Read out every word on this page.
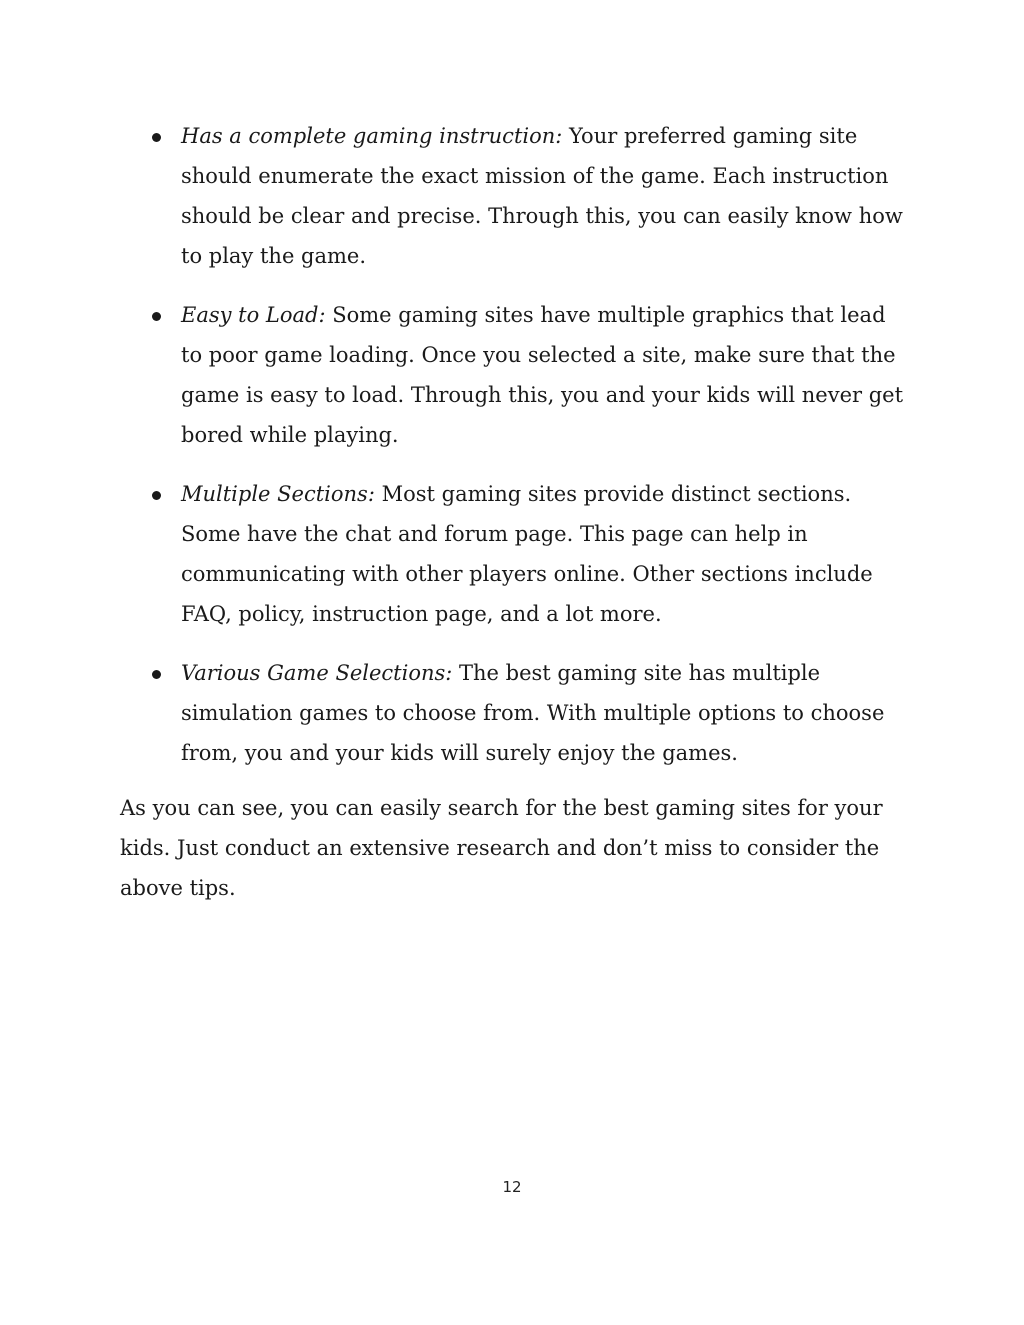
Has a complete gaming instruction: Your preferred gaming site should enumerate the exact mission of the game. Each instruction should be clear and precise. Through this, you can easily know how to play the game.
Easy to Load: Some gaming sites have multiple graphics that lead to poor game loading. Once you selected a site, make sure that the game is easy to load. Through this, you and your kids will never get bored while playing.
Multiple Sections: Most gaming sites provide distinct sections. Some have the chat and forum page. This page can help in communicating with other players online. Other sections include FAQ, policy, instruction page, and a lot more.
Various Game Selections: The best gaming site has multiple simulation games to choose from. With multiple options to choose from, you and your kids will surely enjoy the games.

As you can see, you can easily search for the best gaming sites for your kids. Just conduct an extensive research and don’t miss to consider the above tips.

12
